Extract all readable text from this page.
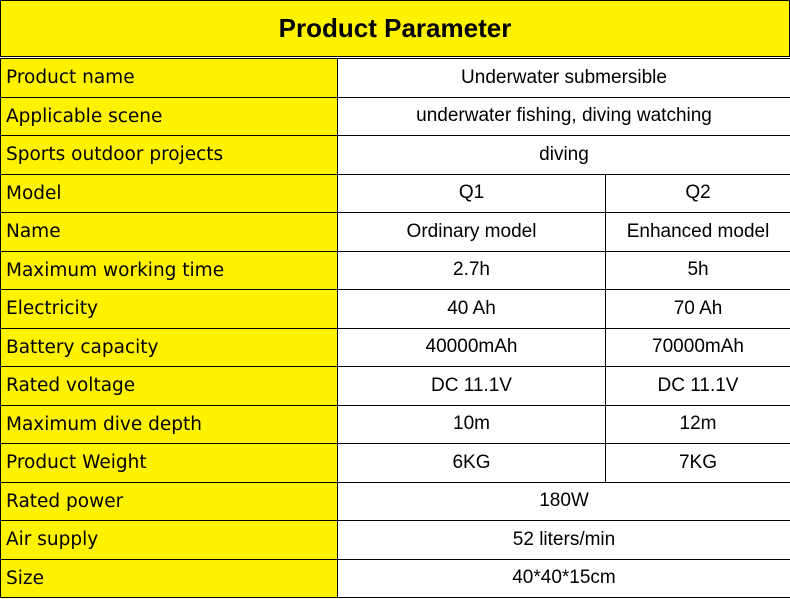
Product Parameter
Product name	Underwater submersible	
Applicable scene	underwater fishing, diving watching	
Sports outdoor projects	diving	
Model	Q1	Q2
Name	Ordinary model	Enhanced model
Maximum working time	2.7h	5h
Electricity	40 Ah	70 Ah
Battery capacity	40000mAh	70000mAh
Rated voltage	DC 11.1V	DC 11.1V
Maximum dive depth	10m	12m
Product Weight	6KG	7KG
Rated power	180W	
Air supply	52 liters/min	
Size	40*40*15cm	
